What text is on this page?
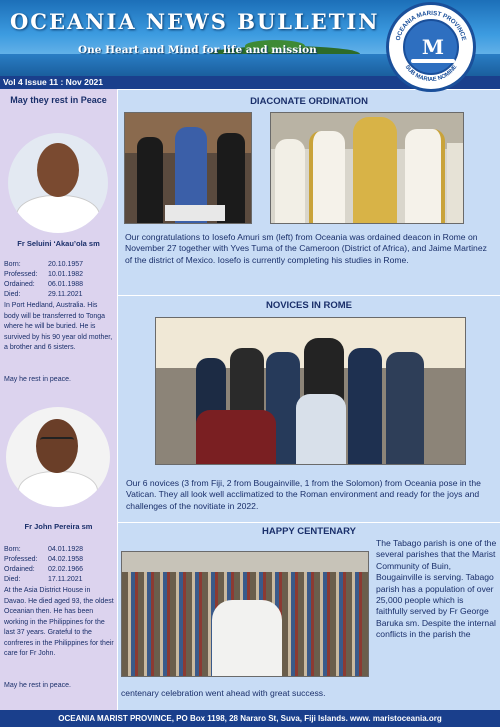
OCEANIA NEWS BULLETIN
One Heart and Mind for life and mission
OCEANIA MARIST PROVINCE
SUB MARIAE NOMINE
M
Vol 4 Issue 11 : Nov 2021
May they rest in Peace
Fr Seluini ‘Akau’ola sm
Born:	20.10.1957
Professed:	10.01.1982
Ordained:	06.01.1988
Died:	29.11.2021
In Port Hedland, Australia. His body will be transferred to Tonga where he will be buried. He is survived by his 90 year old mother, a brother and 6 sisters.
May he rest in peace.
Fr John Pereira sm
Born:	04.01.1928
Professed:	04.02.1958
Ordained:	02.02.1966
Died:	17.11.2021
At the Asia District House in Davao. He died aged 93, the oldest Oceanian then. He has been working in the Philippines for the last 37 years. Grateful to the confreres in the Philippines for their care for Fr John.
May he rest in peace.
DIACONATE ORDINATION
Our congratulations to Iosefo Amuri sm (left) from Oceania was ordained deacon in Rome on November 27 together with Yves Tuma of the Cameroon (District of Africa), and Jaime Martinez of the district of Mexico. Iosefo is currently completing his studies in Rome.
NOVICES IN ROME
Our 6 novices (3 from Fiji, 2 from Bougainville, 1 from the Solomon) from Oceania pose in the Vatican. They all look well acclimatized to the Roman environment and ready for the joys and challenges of the novitiate in 2022.
HAPPY CENTENARY
The Tabago parish is one of the several parishes that the Marist Community of Buin, Bougainville is serving. Tabago parish has a population of over 25,000 people which is faithfully served by Fr George Baruka sm. Despite the internal conflicts in the parish the
centenary celebration went ahead with great success.
OCEANIA MARIST PROVINCE, PO Box 1198, 28 Nararo St, Suva, Fiji Islands. www. maristoceania.org
